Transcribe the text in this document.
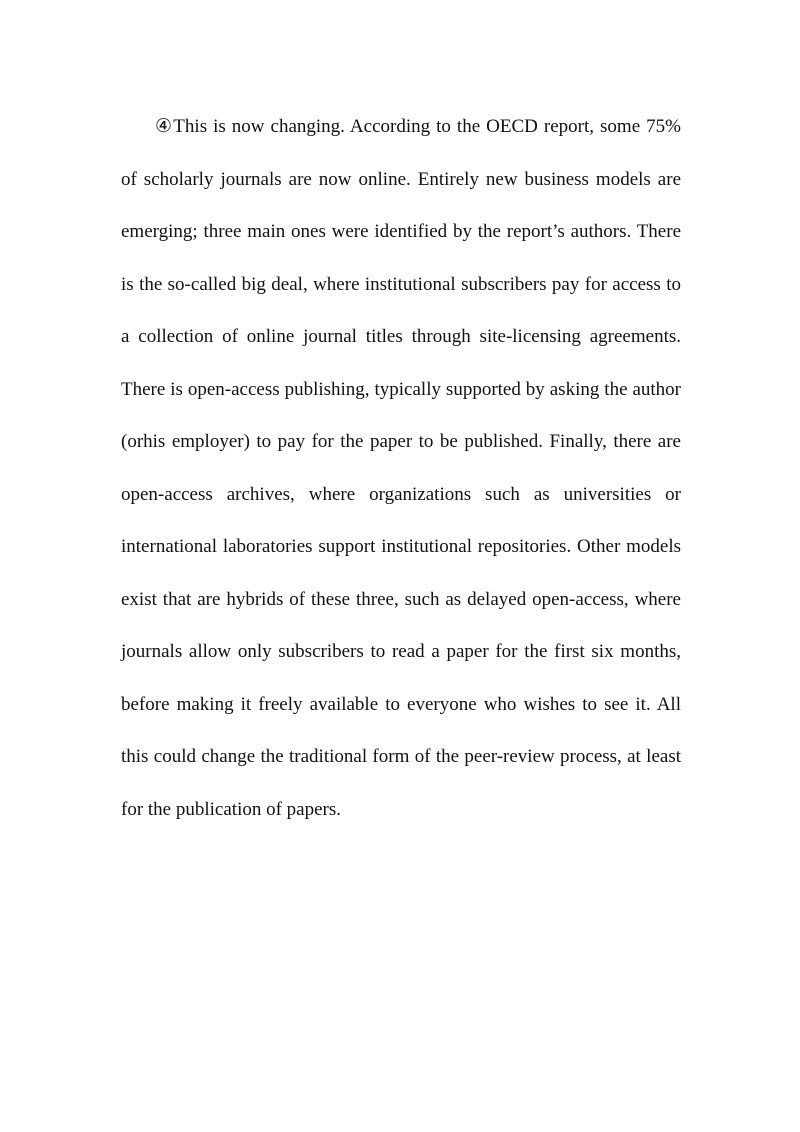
④This is now changing. According to the OECD report, some 75%
of scholarly journals are now online. Entirely new business models are
emerging; three main ones were identified by the report’s authors. There
is the so-called big deal, where institutional subscribers pay for access to
a collection of online journal titles through site-licensing agreements.
There is open-access publishing, typically supported by asking the author
(orhis employer) to pay for the paper to be published. Finally, there are
open-access archives, where organizations such as universities or
international laboratories support institutional repositories. Other models
exist that are hybrids of these three, such as delayed open-access, where
journals allow only subscribers to read a paper for the first six months,
before making it freely available to everyone who wishes to see it. All
this could change the traditional form of the peer-review process, at least
for the publication of papers.
